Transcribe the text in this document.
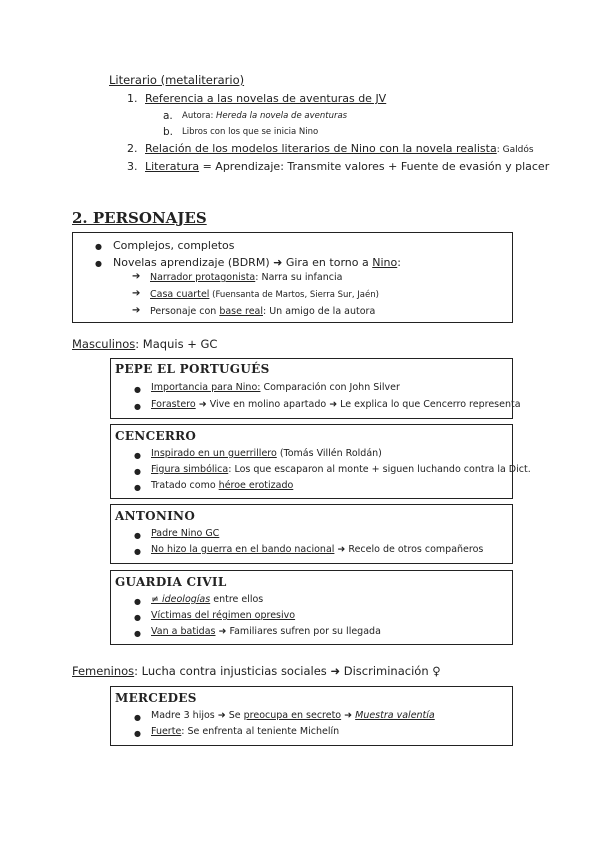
Literario (metaliterario)
1. Referencia a las novelas de aventuras de JV
a. Autora: Hereda la novela de aventuras
b. Libros con los que se inicia Nino
2. Relación de los modelos literarios de Nino con la novela realista: Galdós
3. Literatura = Aprendizaje: Transmite valores + Fuente de evasión y placer
2. PERSONAJES
● Complejos, completos
● Novelas aprendizaje (BDRM) ➜ Gira en torno a Nino:
➔ Narrador protagonista: Narra su infancia
➔ Casa cuartel (Fuensanta de Martos, Sierra Sur, Jaén)
➔ Personaje con base real: Un amigo de la autora
Masculinos: Maquis + GC
PEPE EL PORTUGUÉS
● Importancia para Nino: Comparación con John Silver
● Forastero ➜ Vive en molino apartado ➜ Le explica lo que Cencerro representa
CENCERRO
● Inspirado en un guerrillero (Tomás Villén Roldán)
● Figura simbólica: Los que escaparon al monte + siguen luchando contra la Dict.
● Tratado como héroe erotizado
ANTONINO
● Padre Nino GC
● No hizo la guerra en el bando nacional ➜ Recelo de otros compañeros
GUARDIA CIVIL
● ≠ ideologías entre ellos
● Víctimas del régimen opresivo
● Van a batidas ➜ Familiares sufren por su llegada
Femeninos: Lucha contra injusticias sociales ➜ Discriminación ♀
MERCEDES
● Madre 3 hijos ➜ Se preocupa en secreto ➜ Muestra valentía
● Fuerte: Se enfrenta al teniente Michelín
